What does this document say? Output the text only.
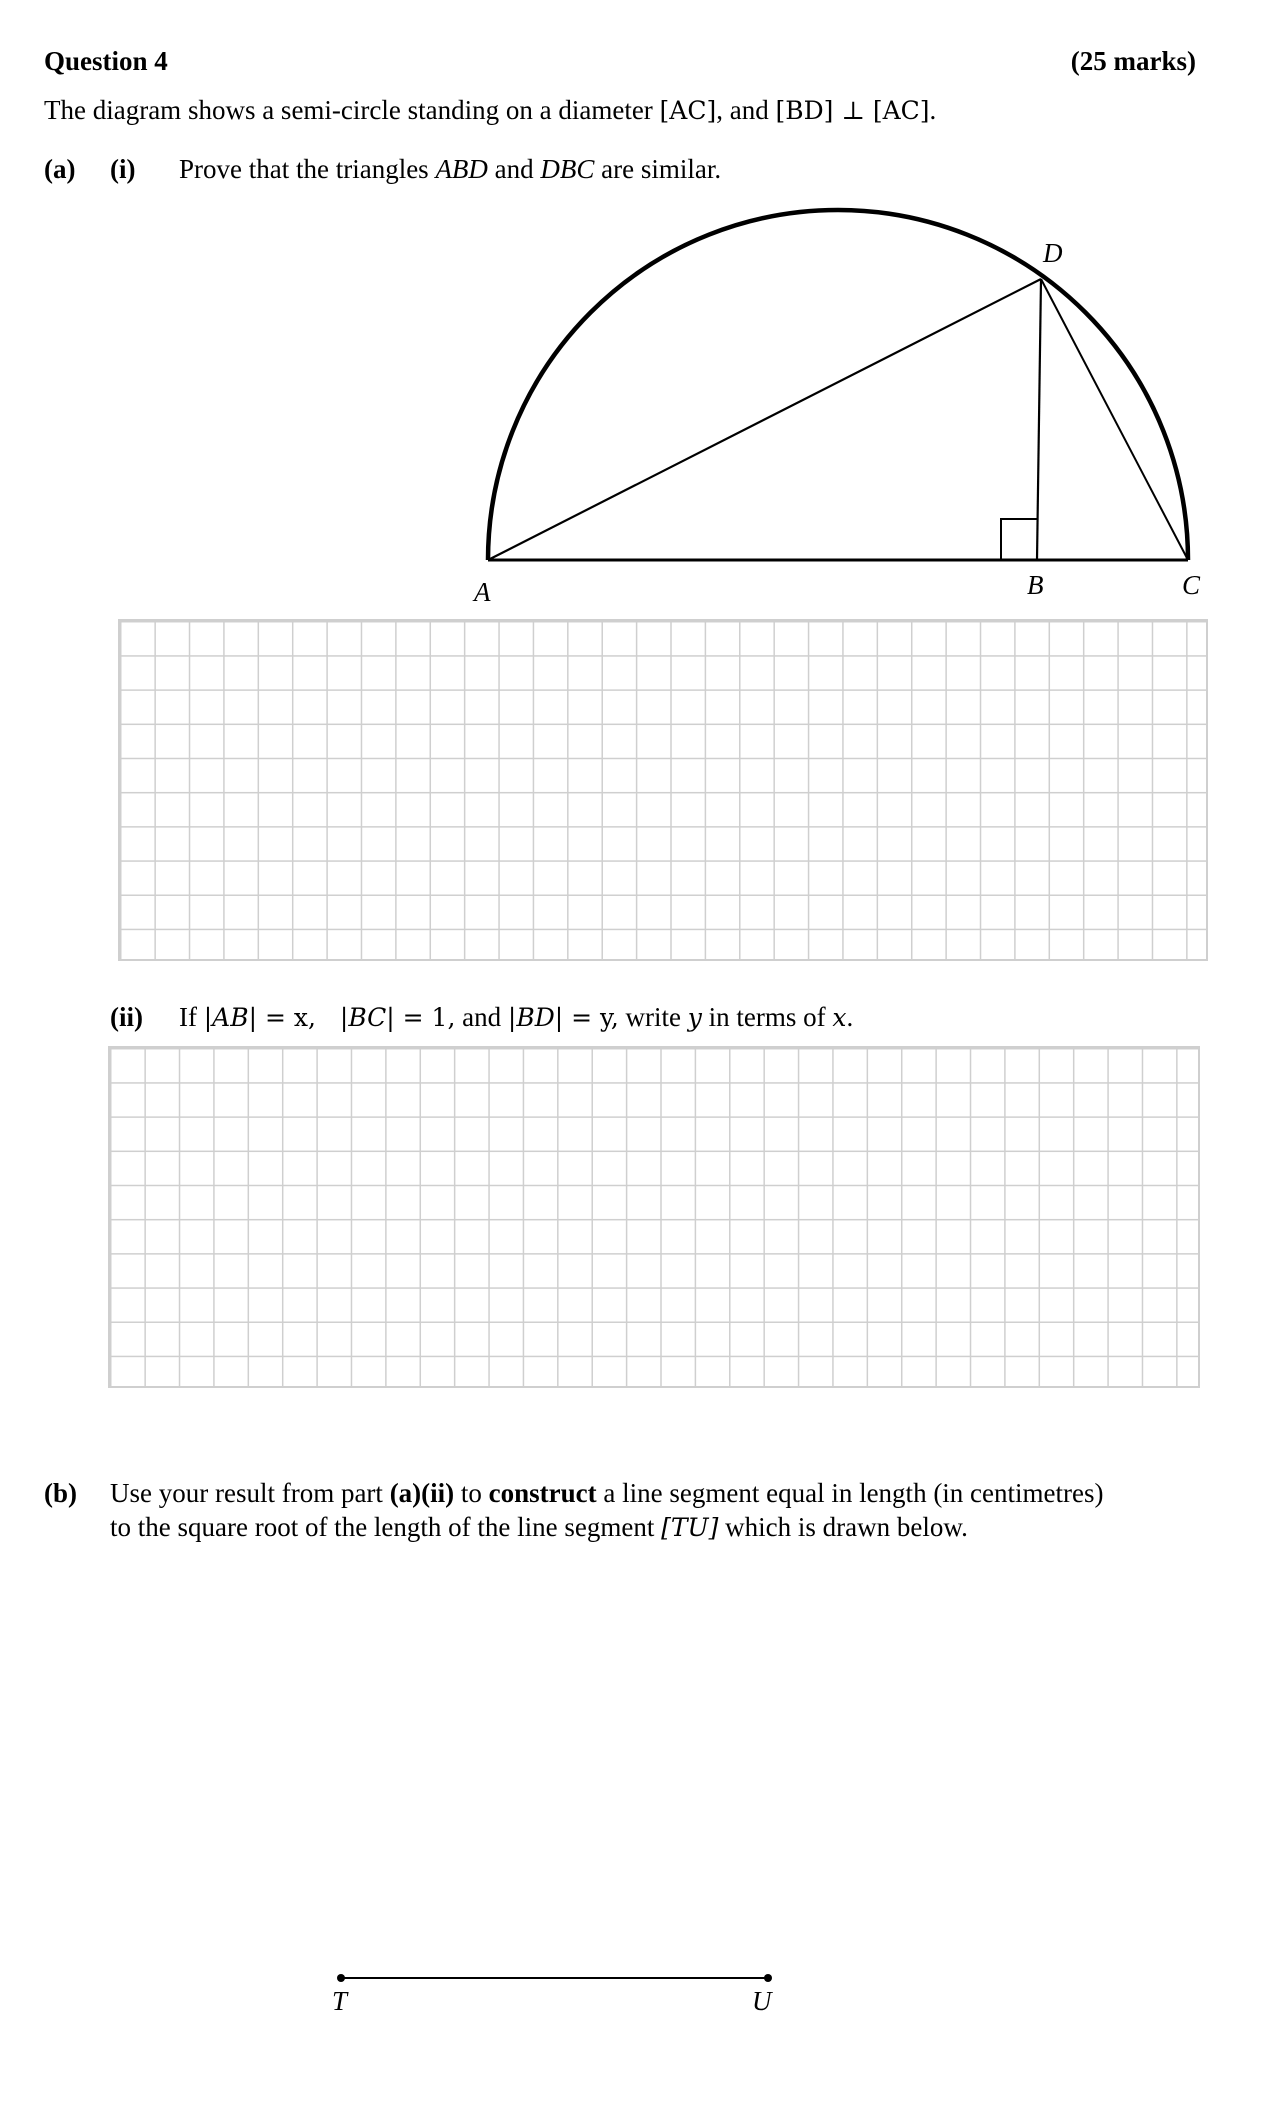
Question 4	(25 marks)
The diagram shows a semi-circle standing on a diameter [AC], and [BD] ⊥ [AC].
(a) (i) Prove that the triangles ABD and DBC are similar.
A	B	C
D
(ii) If |AB| = x, |BC| = 1, and |BD| = y, write y in terms of x.
(b) Use your result from part (a)(ii) to construct a line segment equal in length (in centimetres)
to the square root of the length of the line segment [TU] which is drawn below.
T	U
